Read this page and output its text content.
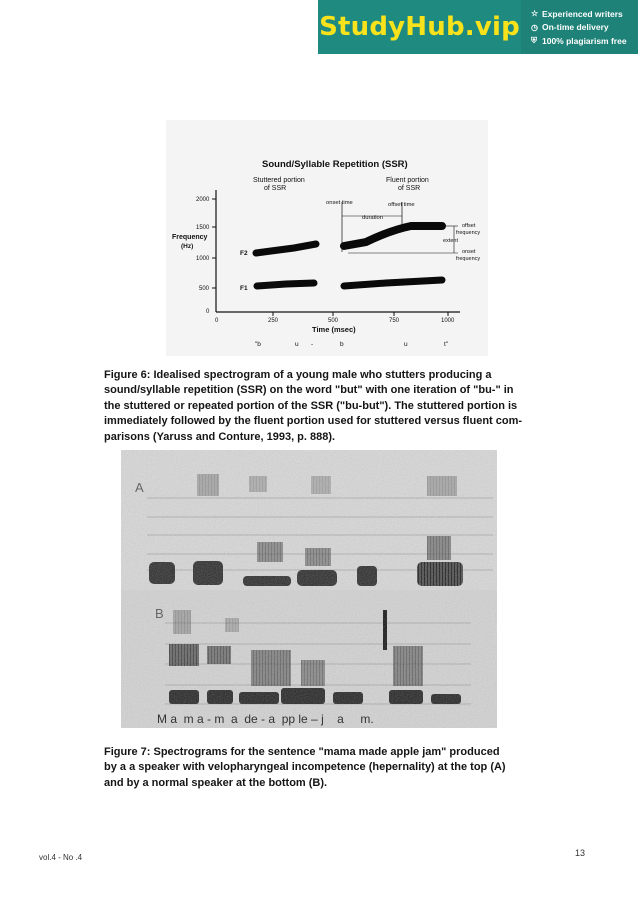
StudyHub.vip ☆ Experienced writers
◷ On-time delivery
⛨ 100% plagiarism free
Sound/Syllable Repetition (SSR)
Stuttered portion
of SSR
Fluent portion
of SSR
Frequency
(Hz)
2000
1500
1000
500
0
0	250	500	750	1000
Time (msec)
F2
F1
onset time	offset time
duration
offset
frequency
extent
onset
frequency
"b	u -	b	u	t"
Figure 6: Idealised spectrogram of a young male who stutters producing a
sound/syllable repetition (SSR) on the word "but" with one iteration of "bu-" in
the stuttered or repeated portion of the SSR ("bu-but"). The stuttered portion is
immediately followed by the fluent portion used for stuttered versus fluent com-
parisons (Yaruss and Conture, 1993, p. 888).
M a  m a - m  a  de - a  pp le – j    a     m.
Figure 7: Spectrograms for the sentence "mama made apple jam" produced
by a a speaker with velopharyngeal incompetence (hepernality) at the top (A)
and by a normal speaker at the bottom (B).
vol.4 - No .4	13
